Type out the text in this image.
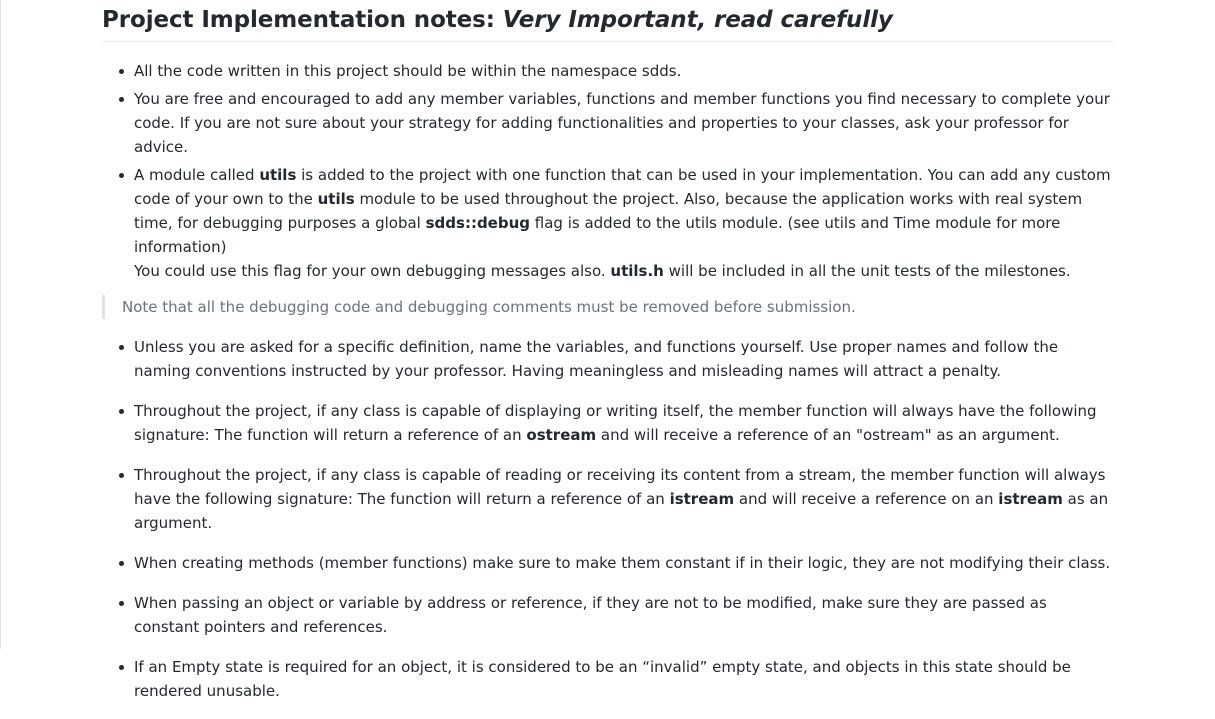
Project Implementation notes: Very Important, read carefully
All the code written in this project should be within the namespace sdds.
You are free and encouraged to add any member variables, functions and member functions you find necessary to complete your code. If you are not sure about your strategy for adding functionalities and properties to your classes, ask your professor for advice.
A module called utils is added to the project with one function that can be used in your implementation. You can add any custom code of your own to the utils module to be used throughout the project. Also, because the application works with real system time, for debugging purposes a global sdds::debug flag is added to the utils module. (see utils and Time module for more information)
You could use this flag for your own debugging messages also. utils.h will be included in all the unit tests of the milestones.
Note that all the debugging code and debugging comments must be removed before submission.
Unless you are asked for a specific definition, name the variables, and functions yourself. Use proper names and follow the naming conventions instructed by your professor. Having meaningless and misleading names will attract a penalty.
Throughout the project, if any class is capable of displaying or writing itself, the member function will always have the following signature: The function will return a reference of an ostream and will receive a reference of an "ostream" as an argument.
Throughout the project, if any class is capable of reading or receiving its content from a stream, the member function will always have the following signature: The function will return a reference of an istream and will receive a reference on an istream as an argument.
When creating methods (member functions) make sure to make them constant if in their logic, they are not modifying their class.
When passing an object or variable by address or reference, if they are not to be modified, make sure they are passed as constant pointers and references.
If an Empty state is required for an object, it is considered to be an “invalid” empty state, and objects in this state should be rendered unusable.
